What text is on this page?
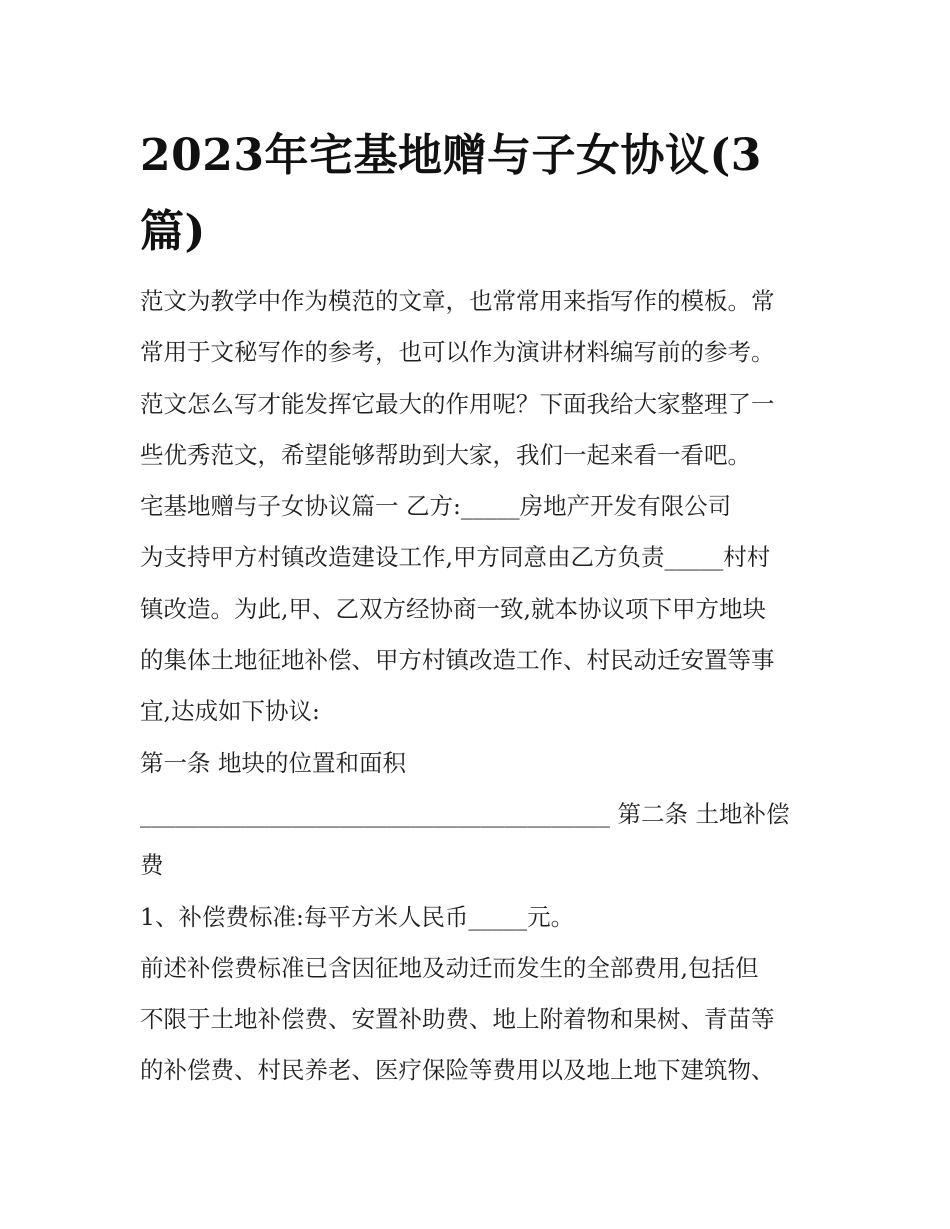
2023年宅基地赠与子女协议(3
篇)
范文为教学中作为模范的文章，也常常用来指写作的模板。常
常用于文秘写作的参考，也可以作为演讲材料编写前的参考。
范文怎么写才能发挥它最大的作用呢？下面我给大家整理了一
些优秀范文，希望能够帮助到大家，我们一起来看一看吧。
宅基地赠与子女协议篇一 乙方:_____房地产开发有限公司
为支持甲方村镇改造建设工作,甲方同意由乙方负责_____村村
镇改造。为此,甲、乙双方经协商一致,就本协议项下甲方地块
的集体土地征地补偿、甲方村镇改造工作、村民动迁安置等事
宜,达成如下协议:
第一条 地块的位置和面积
________________________________________ 第二条 土地补偿
费
1、补偿费标准:每平方米人民币_____元。
前述补偿费标准已含因征地及动迁而发生的全部费用,包括但
不限于土地补偿费、安置补助费、地上附着物和果树、青苗等
的补偿费、村民养老、医疗保险等费用以及地上地下建筑物、
